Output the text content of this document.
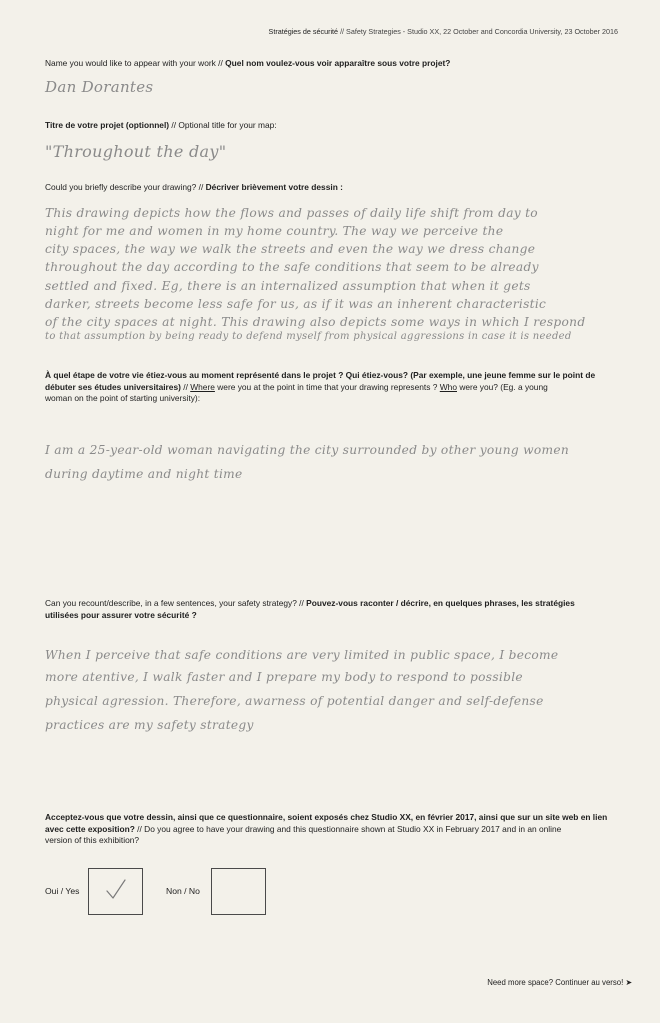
Stratégies de sécurité // Safety Strategies - Studio XX, 22 October and Concordia University, 23 October 2016
Name you would like to appear with your work // Quel nom voulez-vous voir apparaître sous votre projet?
Dan Dorantes
Titre de votre projet (optionnel) // Optional title for your map:
"Throughout the day"
Could you briefly describe your drawing? // Décriver brièvement votre dessin :
This drawing depicts how the flows and passes of daily life shift from day to
night for me and women in my home country. The way we perceive the
city spaces, the way we walk the streets and even the way we dress change
throughout the day according to the safe conditions that seem to be already
settled and fixed. Eg, there is an internalized assumption that when it gets
darker, streets become less safe for us, as if it was an inherent characteristic
of the city spaces at night. This drawing also depicts some ways in which I respond
to that assumption by being ready to defend myself from physical aggressions in case it is needed
À quel étape de votre vie étiez-vous au moment représenté dans le projet ? Qui étiez-vous? (Par exemple, une jeune femme sur le point de
débuter ses études universitaires) // Where were you at the point in time that your drawing represents ? Who were you? (Eg. a young
woman on the point of starting university):
I am a 25-year-old woman navigating the city surrounded by other young women
during daytime and night time
Can you recount/describe, in a few sentences, your safety strategy? // Pouvez-vous raconter / décrire, en quelques phrases, les stratégies
utilisées pour assurer votre sécurité ?
When I perceive that safe conditions are very limited in public space, I become
more atentive, I walk faster and I prepare my body to respond to possible
physical agression. Therefore, awarness of potential danger and self-defense
practices are my safety strategy
Acceptez-vous que votre dessin, ainsi que ce questionnaire, soient exposés chez Studio XX, en février 2017, ainsi que sur un site web en lien
avec cette exposition? // Do you agree to have your drawing and this questionnaire shown at Studio XX in February 2017 and in an online
version of this exhibition?
Oui / Yes	Non / No
Need more space? Continuer au verso! ➤
